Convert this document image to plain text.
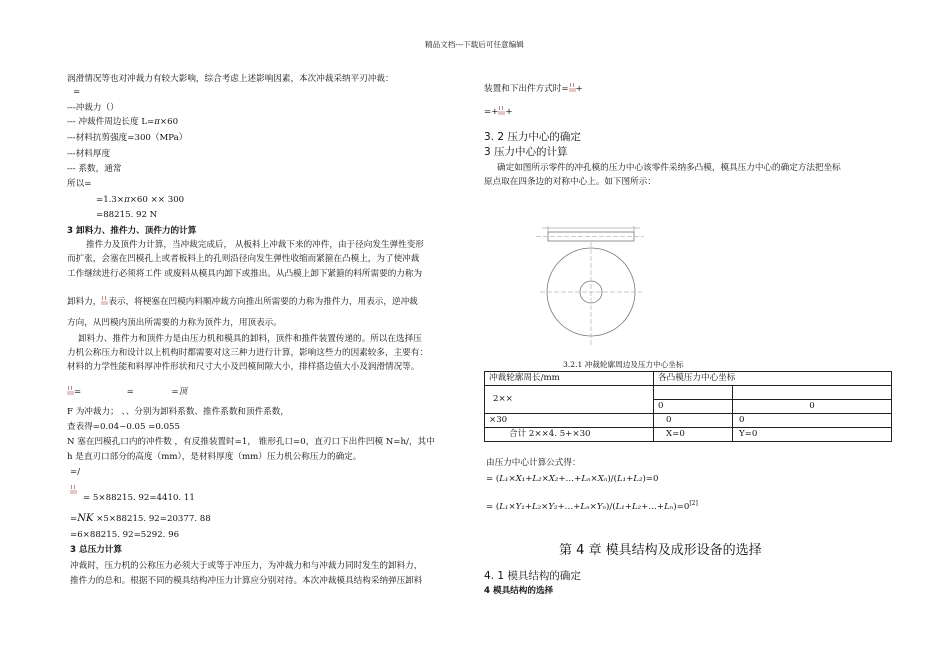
精品文档---下载后可任意编辑
润滑情况等也对冲裁力有较大影响，综合考虑上述影响因素，本次冲裁采纳平刃冲裁：
=
---冲裁力（）
--- 冲裁件周边长度 L=π×60
---材料抗剪强度=300（MPa）
---材料厚度
--- 系数，通常
所以=
=1.3×π×60 ×× 300
=88215. 92 N
3 卸料力、推件力、顶件力的计算
推件力及顶件力计算，当冲裁完成后， 从板料上冲裁下来的冲件，由于径向发生弹性变形
而扩张，会塞在凹模孔上或者板料上的孔则沿径向发生弹性收缩而紧箍在凸模上，为了使冲裁
工作继续进行必须将工件 或废料从模具内卸下或推出。从凸模上卸下紧箍的料所需要的力称为
卸料力， 表示，将梗塞在凹模内料顺冲裁方向推出所需要的力称为推件力，用表示，逆冲裁
方向，从凹模内顶出所需要的力称为顶件力，用顶表示。
卸料力、推件力和顶件力是由压力机和模具的卸料，顶件和推件装置传递的。所以在选择压
力机公称压力和设计以上机构时都需要对这三种力进行计算，影响这些力的因素较多，主要有：
材料的力学性能和料厚冲件形状和尺寸大小及凹模间隙大小，排样搭边值大小及润滑情况等。
=	=	=顶
F 为冲裁力； 、、分别为卸料系数、推件系数和顶件系数，
查表得=0.04~0.05 =0.055
N 塞在凹模孔口内的冲件数 ，有反推装置时=1， 锥形孔口=0，直刃口下出件凹模 N=h/，其中
h 是直刃口部分的高度（mm），是材料厚度（mm）压力机公称压力的确定。
=/
= 5×88215. 92=4410. 11
=NK ×5×88215. 92=20377. 88
=6×88215. 92=5292. 96
3 总压力计算
冲裁时，压力机的公称压力必须大于或等于冲压力，为冲裁力和与冲裁力同时发生的卸料力，
推件力的总和。根据不同的模具结构冲压力计算应分别对待。本次冲裁模具结构采纳弹压卸料
装置和下出件方式时= +
=+ +
3. 2 压力中心的确定
3 压力中心的计算
确定如图所示零件的冲孔模的压力中心该零件采纳多凸模，模具压力中心的确定方法把坐标
原点取在四条边的对称中心上。如下图所示：
3.2.1 冲裁轮廓周边及压力中心坐标
冲裁轮廓周长/mm	各凸模压力中心坐标	
2××		
	0	0
×30	0	0
合计 2××4. 5+×30	X=0	Y=0
由压力中心计算公式得：
= (L₁×X₁+L₂×X₂+…+Lₙ×Xₙ)/(L₁+L₂)=0
= (L₁×Y₁+L₂×Y₂+…+Lₙ×Yₙ)/(L₁+L₂+…+Lₙ)=0[2]
第 4 章 模具结构及成形设备的选择
4. 1 模具结构的确定
4 模具结构的选择
